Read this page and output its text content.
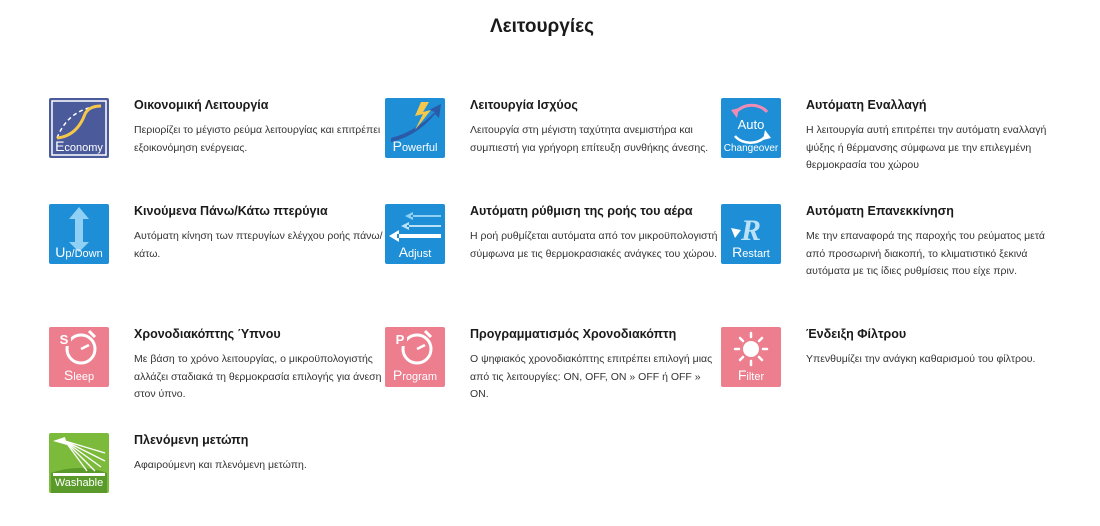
Λειτουργίες
Economy
Οικονομική Λειτουργία

Περιορίζει το μέγιστο ρεύμα λειτουργίας και επιτρέπει εξοικονόμηση ενέργειας.	Powerful
Λειτουργία Ισχύος

Λειτουργία στη μέγιστη ταχύτητα ανεμιστήρα και συμπιεστή για γρήγορη επίτευξη συνθήκης άνεσης.

Auto
Changeover
Αυτόματη Εναλλαγή

Η λειτουργία αυτή επιτρέπει την αυτόματη εναλλαγή ψύξης ή θέρμανσης σύμφωνα με την επιλεγμένη θερμοκρασία του χώρου

Up/Down
Κινούμενα Πάνω/Κάτω πτερύγια

Αυτόματη κίνηση των πτερυγίων ελέγχου ροής πάνω/κάτω.	Adjust
Αυτόματη ρύθμιση της ροής του αέρα

Η ροή ρυθμίζεται αυτόματα από τον μικροϋπολογιστή σύμφωνα με τις θερμοκρασιακές ανάγκες του χώρου.

R
Restart
Αυτόματη Επανεκκίνηση

Με την επαναφορά της παροχής του ρεύματος μετά από προσωρινή διακοπή, το κλιματιστικό ξεκινά αυτόματα με τις ίδιες ρυθμίσεις που είχε πριν.

S
Sleep
Χρονοδιακόπτης Ύπνου

Με βάση το χρόνο λειτουργίας, ο μικροϋπολογιστής αλλάζει σταδιακά τη θερμοκρασία επιλογής για άνεση στον ύπνο.

P
Program
Προγραμματισμός Χρονοδιακόπτη

Ο ψηφιακός χρονοδιακόπτης επιτρέπει επιλογή μιας από τις λειτουργίες: ON, OFF, ON » OFF ή OFF » ON.

Filter
Ένδειξη Φίλτρου

Υπενθυμίζει την ανάγκη καθαρισμού του φίλτρου.

Washable
Πλενόμενη μετώπη

Αφαιρούμενη και πλενόμενη μετώπη.
